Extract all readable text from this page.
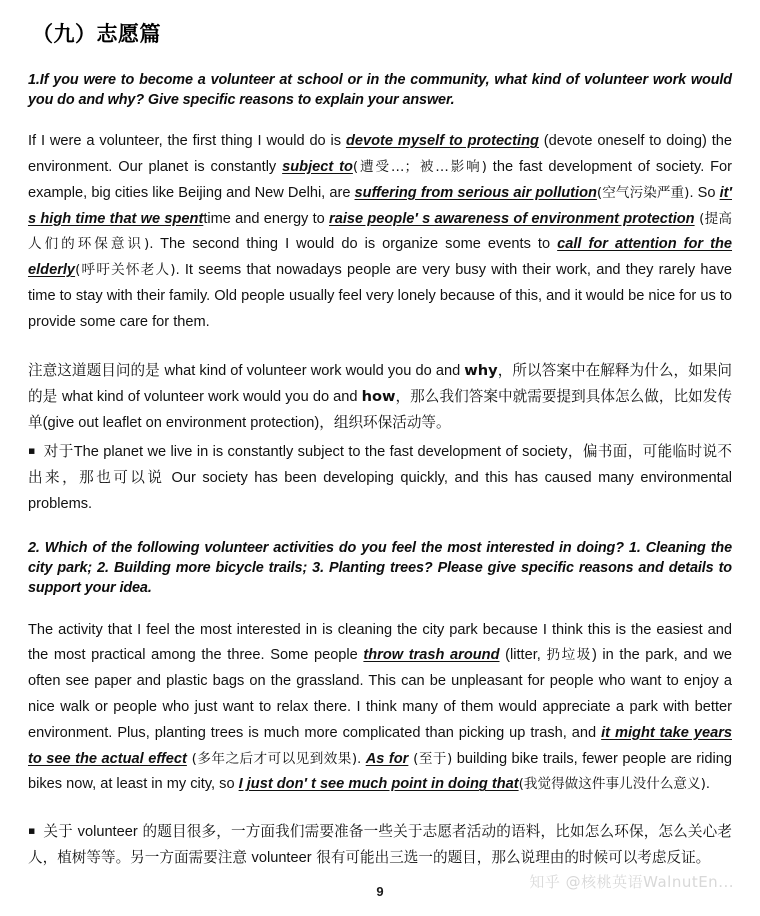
（九）志愿篇

1.If you were to become a volunteer at school or in the community, what kind of volunteer work would you do and why? Give specific reasons to explain your answer.

If I were a volunteer, the first thing I would do is devote myself to protecting (devote oneself to doing) the environment. Our planet is constantly subject to(遭受…；被…影响) the fast development of society. For example, big cities like Beijing and New Delhi, are suffering from serious air pollution(空气污染严重). So it′ s high time that we spenttime and energy to raise people′ s awareness of environment protection (提高人们的环保意识). The second thing I would do is organize some events to call for attention for the elderly(呼吁关怀老人). It seems that nowadays people are very busy with their work, and they rarely have time to stay with their family. Old people usually feel very lonely because of this, and it would be nice for us to provide some care for them.

注意这道题目问的是 what kind of volunteer work would you do and why，所以答案中在解释为什么，如果问的是 what kind of volunteer work would you do and how，那么我们答案中就需要提到具体怎么做，比如发传单(give out leaflet on environment protection)，组织环保活动等。

▪ 对于The planet we live in is constantly subject to the fast development of society，偏书面，可能临时说不出来，那也可以说 Our society has been developing quickly, and this has caused many environmental problems.

2. Which of the following volunteer activities do you feel the most interested in doing? 1. Cleaning the city park; 2. Building more bicycle trails; 3. Planting trees? Please give specific reasons and details to support your idea.

The activity that I feel the most interested in is cleaning the city park because I think this is the easiest and the most practical among the three. Some people throw trash around (litter, 扔垃圾) in the park, and we often see paper and plastic bags on the grassland. This can be unpleasant for people who want to enjoy a nice walk or people who just want to relax there. I think many of them would appreciate a park with better environment. Plus, planting trees is much more complicated than picking up trash, and it might take years to see the actual effect (多年之后才可以见到效果). As for (至于) building bike trails, fewer people are riding bikes now, at least in my city, so I just don′ t see much point in doing that(我觉得做这件事儿没什么意义).

▪ 关于 volunteer 的题目很多，一方面我们需要准备一些关于志愿者活动的语料，比如怎么环保，怎么关心老人，植树等等。另一方面需要注意 volunteer 很有可能出三选一的题目，那么说理由的时候可以考虑反证。

9
知乎 @核桃英语WalnutEn...
